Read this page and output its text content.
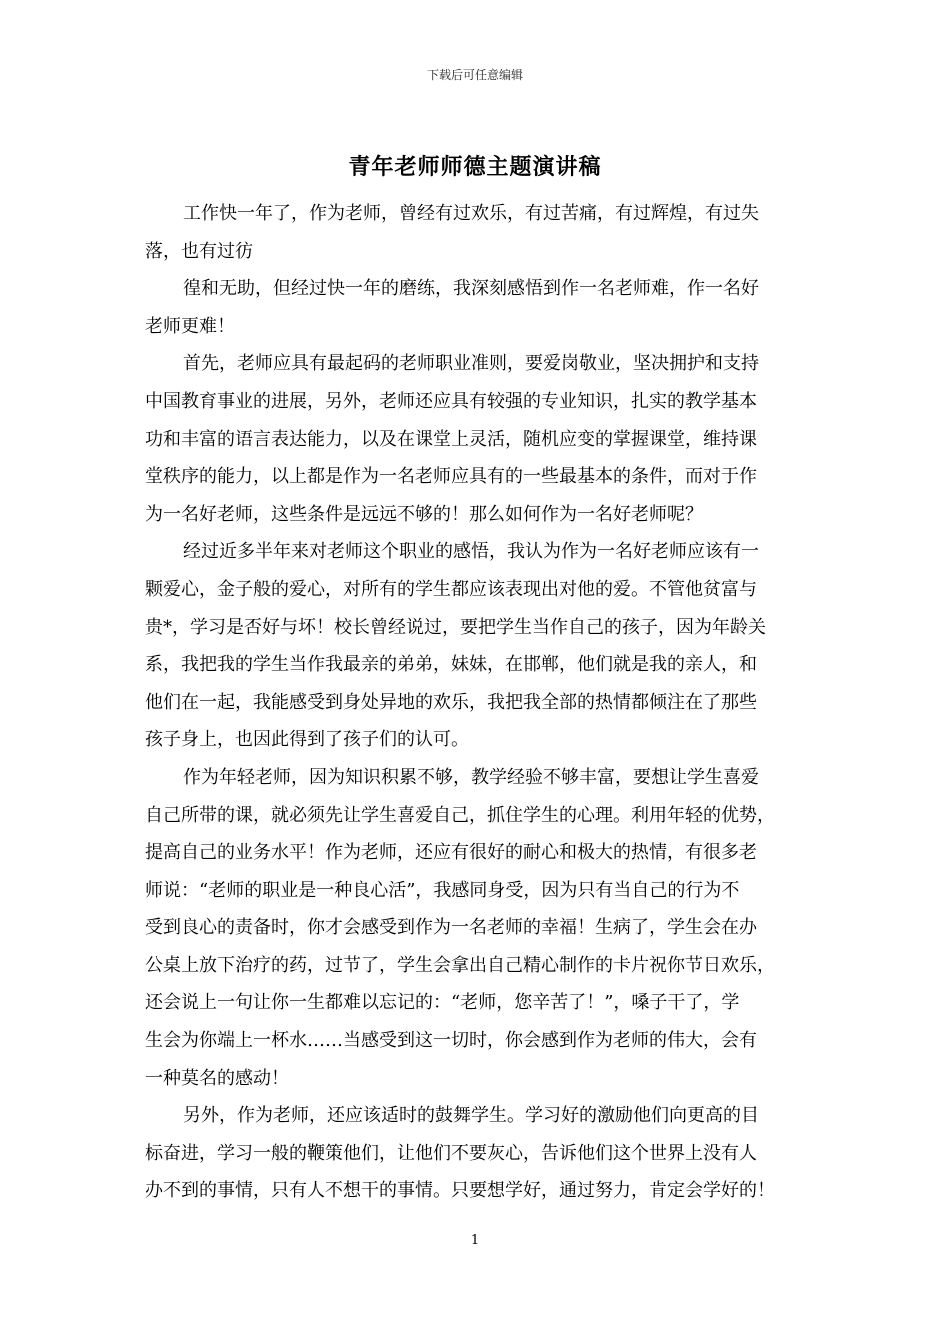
下载后可任意编辑
青年老师师德主题演讲稿
工作快一年了，作为老师，曾经有过欢乐，有过苦痛，有过辉煌，有过失
落，也有过彷
徨和无助，但经过快一年的磨练，我深刻感悟到作一名老师难，作一名好
老师更难！
首先，老师应具有最起码的老师职业准则，要爱岗敬业，坚决拥护和支持
中国教育事业的进展，另外，老师还应具有较强的专业知识，扎实的教学基本
功和丰富的语言表达能力，以及在课堂上灵活，随机应变的掌握课堂，维持课
堂秩序的能力，以上都是作为一名老师应具有的一些最基本的条件，而对于作
为一名好老师，这些条件是远远不够的！那么如何作为一名好老师呢？
经过近多半年来对老师这个职业的感悟，我认为作为一名好老师应该有一
颗爱心，金子般的爱心，对所有的学生都应该表现出对他的爱。不管他贫富与
贵*，学习是否好与坏！校长曾经说过，要把学生当作自己的孩子，因为年龄关
系，我把我的学生当作我最亲的弟弟，妹妹，在邯郸，他们就是我的亲人，和
他们在一起，我能感受到身处异地的欢乐，我把我全部的热情都倾注在了那些
孩子身上，也因此得到了孩子们的认可。
作为年轻老师，因为知识积累不够，教学经验不够丰富，要想让学生喜爱
自己所带的课，就必须先让学生喜爱自己，抓住学生的心理。利用年轻的优势，
提高自己的业务水平！作为老师，还应有很好的耐心和极大的热情，有很多老
师说：“老师的职业是一种良心活”，我感同身受，因为只有当自己的行为不
受到良心的责备时，你才会感受到作为一名老师的幸福！生病了，学生会在办
公桌上放下治疗的药，过节了，学生会拿出自己精心制作的卡片祝你节日欢乐，
还会说上一句让你一生都难以忘记的：“老师，您辛苦了！”，嗓子干了，学
生会为你端上一杯水……当感受到这一切时，你会感到作为老师的伟大，会有
一种莫名的感动！
另外，作为老师，还应该适时的鼓舞学生。学习好的激励他们向更高的目
标奋进，学习一般的鞭策他们，让他们不要灰心，告诉他们这个世界上没有人
办不到的事情，只有人不想干的事情。只要想学好，通过努力，肯定会学好的！
1
